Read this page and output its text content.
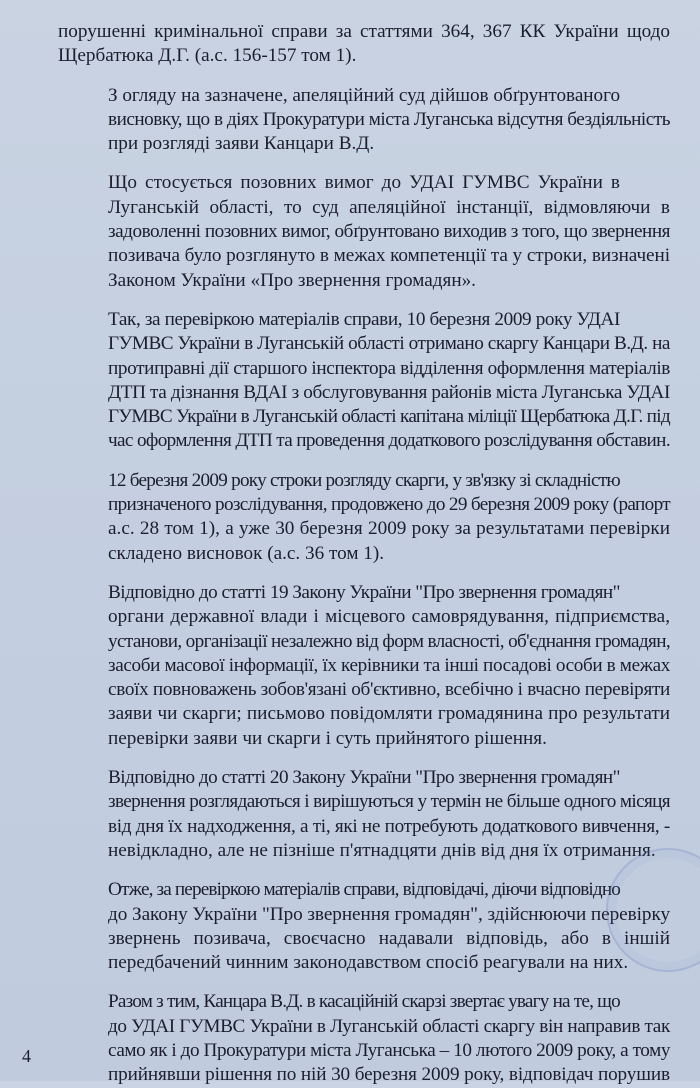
порушенні кримінальної справи за статтями 364, 367 КК України щодо
Щербатюка Д.Г. (а.с. 156-157 том 1).

З огляду на зазначене, апеляційний суд дійшов обґрунтованого
висновку, що в діях Прокуратури міста Луганська відсутня бездіяльність
при розгляді заяви Канцари В.Д.

Що стосується позовних вимог до УДАІ ГУМВС України в
Луганській області, то суд апеляційної інстанції, відмовляючи в
задоволенні позовних вимог, обґрунтовано виходив з того, що звернення
позивача було розглянуто в межах компетенції та у строки, визначені
Законом України «Про звернення громадян».

Так, за перевіркою матеріалів справи, 10 березня 2009 року УДАІ
ГУМВС України в Луганській області отримано скаргу Канцари В.Д. на
протиправні дії старшого інспектора відділення оформлення матеріалів
ДТП та дізнання ВДАІ з обслуговування районів міста Луганська УДАІ
ГУМВС України в Луганській області капітана міліції Щербатюка Д.Г. під
час оформлення ДТП та проведення додаткового розслідування обставин.

12 березня 2009 року строки розгляду скарги, у зв'язку зі складністю
призначеного розслідування, продовжено до 29 березня 2009 року (рапорт
а.с. 28 том 1), а уже 30 березня 2009 року за результатами перевірки
складено висновок (а.с. 36 том 1).

Відповідно до статті 19 Закону України "Про звернення громадян"
органи державної влади і місцевого самоврядування, підприємства,
установи, організації незалежно від форм власності, об'єднання громадян,
засоби масової інформації, їх керівники та інші посадові особи в межах
своїх повноважень зобов'язані об'єктивно, всебічно і вчасно перевіряти
заяви чи скарги; письмово повідомляти громадянина про результати
перевірки заяви чи скарги і суть прийнятого рішення.

Відповідно до статті 20 Закону України "Про звернення громадян"
звернення розглядаються і вирішуються у термін не більше одного місяця
від дня їх надходження, а ті, які не потребують додаткового вивчення, -
невідкладно, але не пізніше п'ятнадцяти днів від дня їх отримання.

Отже, за перевіркою матеріалів справи, відповідачі, діючи відповідно
до Закону України "Про звернення громадян", здійснюючи перевірку
звернень позивача, своєчасно надавали відповідь, або в іншій
передбачений чинним законодавством спосіб реагували на них.

Разом з тим, Канцара В.Д. в касаційній скарзі звертає увагу на те, що
до УДАІ ГУМВС України в Луганській області скаргу він направив так
само як і до Прокуратури міста Луганська – 10 лютого 2009 року, а тому
прийнявши рішення по ній 30 березня 2009 року, відповідач порушив

4
